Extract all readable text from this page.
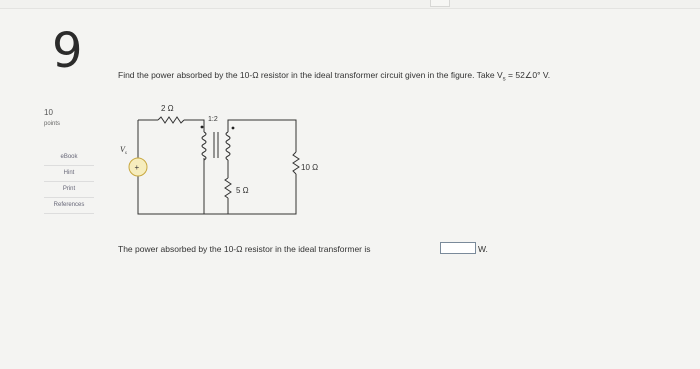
9
10
points
eBook
Hint
Print
References
Find the power absorbed by the 10-Ω resistor in the ideal transformer circuit given in the figure. Take $V_s$ = 52∠0° V.
+
2 Ω
1:2
$V_s$
10 Ω
5 Ω
The power absorbed by the 10-Ω resistor in the ideal transformer is	W.
